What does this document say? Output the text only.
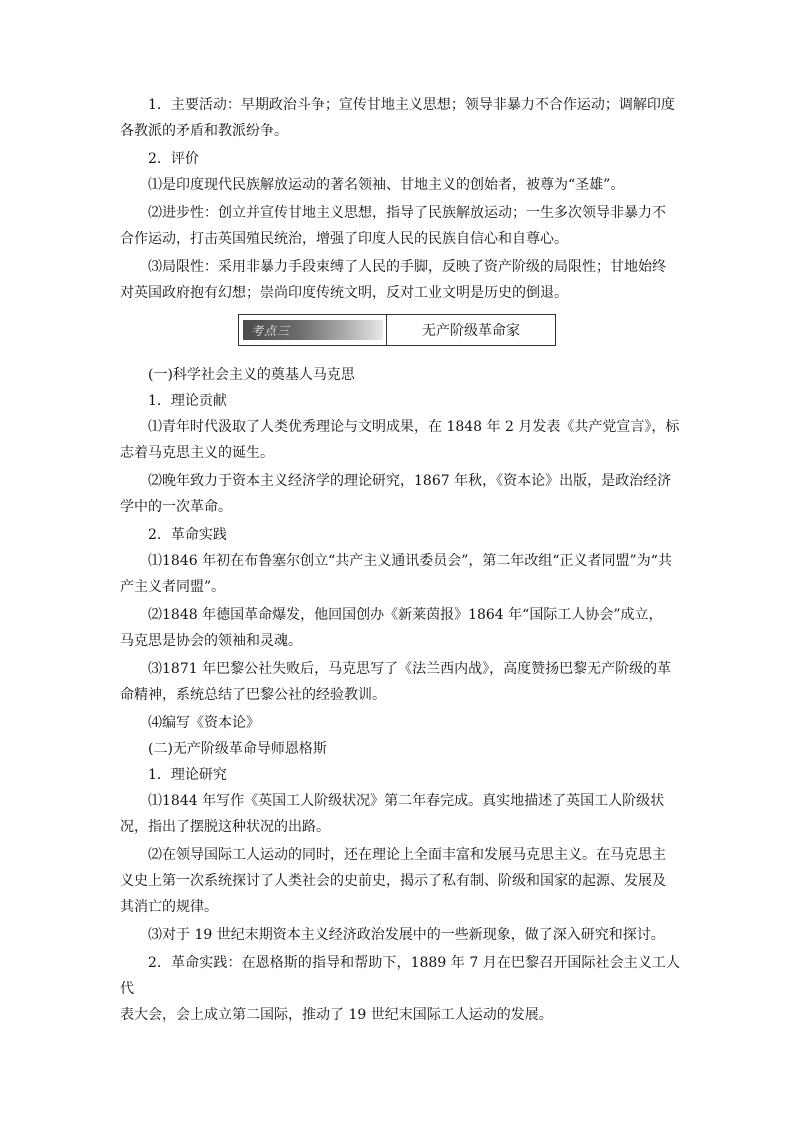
1．主要活动：早期政治斗争；宣传甘地主义思想；领导非暴力不合作运动；调解印度

各教派的矛盾和教派纷争。

2．评价

⑴是印度现代民族解放运动的著名领袖、甘地主义的创始者，被尊为“圣雄”。

⑵进步性：创立并宣传甘地主义思想，指导了民族解放运动；一生多次领导非暴力不

合作运动，打击英国殖民统治，增强了印度人民的民族自信心和自尊心。

⑶局限性：采用非暴力手段束缚了人民的手脚，反映了资产阶级的局限性；甘地始终

对英国政府抱有幻想；崇尚印度传统文明，反对工业文明是历史的倒退。

考点三	无产阶级革命家

(一)科学社会主义的奠基人马克思

1．理论贡献

⑴青年时代汲取了人类优秀理论与文明成果，在 1848 年 2 月发表《共产党宣言》，标

志着马克思主义的诞生。

⑵晚年致力于资本主义经济学的理论研究，1867 年秋，《资本论》出版，是政治经济

学中的一次革命。

2．革命实践

⑴1846 年初在布鲁塞尔创立“共产主义通讯委员会”，第二年改组“正义者同盟”为“共

产主义者同盟”。

⑵1848 年德国革命爆发，他回国创办《新莱茵报》1864 年“国际工人协会”成立，

马克思是协会的领袖和灵魂。

⑶1871 年巴黎公社失败后，马克思写了《法兰西内战》，高度赞扬巴黎无产阶级的革

命精神，系统总结了巴黎公社的经验教训。

⑷编写《资本论》

(二)无产阶级革命导师恩格斯

1．理论研究

⑴1844 年写作《英国工人阶级状况》第二年春完成。真实地描述了英国工人阶级状

况，指出了摆脱这种状况的出路。

⑵在领导国际工人运动的同时，还在理论上全面丰富和发展马克思主义。在马克思主

义史上第一次系统探讨了人类社会的史前史，揭示了私有制、阶级和国家的起源、发展及

其消亡的规律。

⑶对于 19 世纪末期资本主义经济政治发展中的一些新现象，做了深入研究和探讨。

2．革命实践：在恩格斯的指导和帮助下，1889 年 7 月在巴黎召开国际社会主义工人代

表大会，会上成立第二国际，推动了 19 世纪末国际工人运动的发展。
